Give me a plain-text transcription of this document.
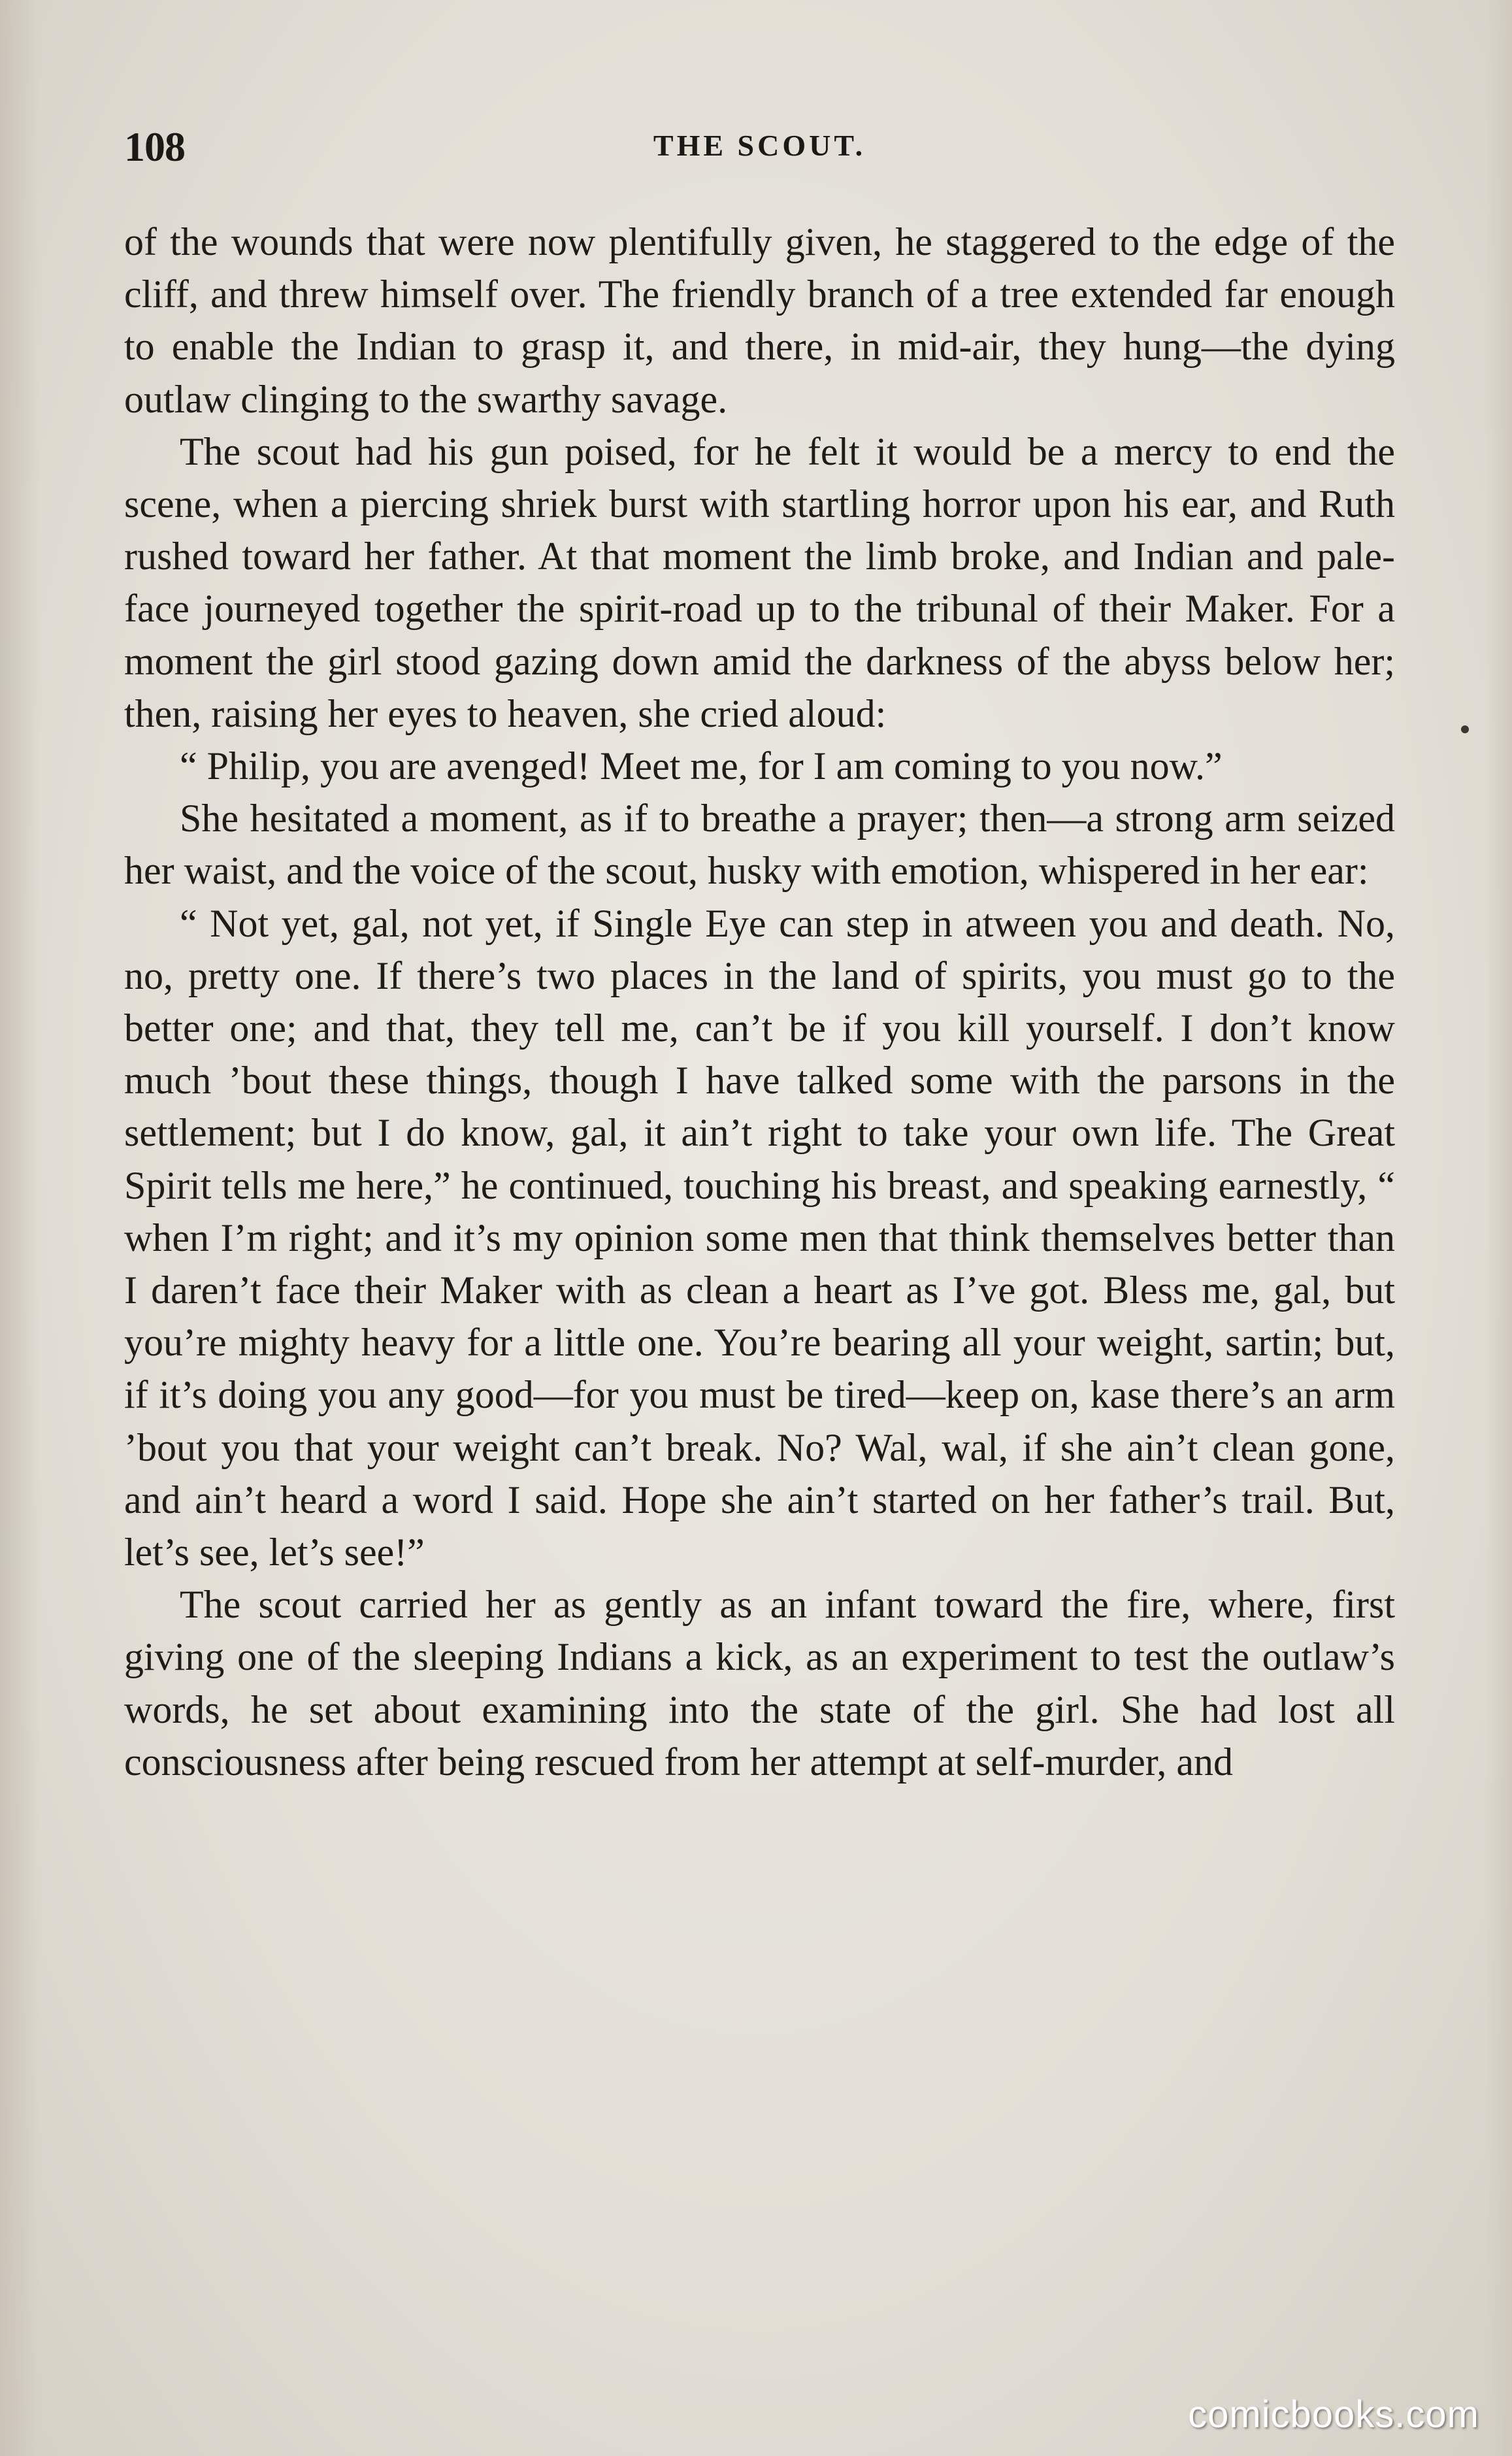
108	THE SCOUT.

of the wounds that were now plentifully given, he staggered to the edge of the cliff, and threw himself over. The friendly branch of a tree extended far enough to enable the Indian to grasp it, and there, in mid-air, they hung—the dying outlaw clinging to the swarthy savage.

The scout had his gun poised, for he felt it would be a mercy to end the scene, when a piercing shriek burst with startling horror upon his ear, and Ruth rushed toward her father. At that moment the limb broke, and Indian and pale-face journeyed together the spirit-road up to the tribunal of their Maker. For a moment the girl stood gazing down amid the darkness of the abyss below her; then, raising her eyes to heaven, she cried aloud:

“ Philip, you are avenged! Meet me, for I am coming to you now.”

She hesitated a moment, as if to breathe a prayer; then—a strong arm seized her waist, and the voice of the scout, husky with emotion, whispered in her ear:

“ Not yet, gal, not yet, if Single Eye can step in atween you and death. No, no, pretty one. If there’s two places in the land of spirits, you must go to the better one; and that, they tell me, can’t be if you kill yourself. I don’t know much ’bout these things, though I have talked some with the parsons in the settlement; but I do know, gal, it ain’t right to take your own life. The Great Spirit tells me here,” he continued, touching his breast, and speaking earnestly, “ when I’m right; and it’s my opinion some men that think themselves better than I daren’t face their Maker with as clean a heart as I’ve got. Bless me, gal, but you’re mighty heavy for a little one. You’re bearing all your weight, sartin; but, if it’s doing you any good—for you must be tired—keep on, kase there’s an arm ’bout you that your weight can’t break. No? Wal, wal, if she ain’t clean gone, and ain’t heard a word I said. Hope she ain’t started on her father’s trail. But, let’s see, let’s see!”

The scout carried her as gently as an infant toward the fire, where, first giving one of the sleeping Indians a kick, as an experiment to test the outlaw’s words, he set about examining into the state of the girl. She had lost all consciousness after being rescued from her attempt at self-murder, and

comicbooks.com
